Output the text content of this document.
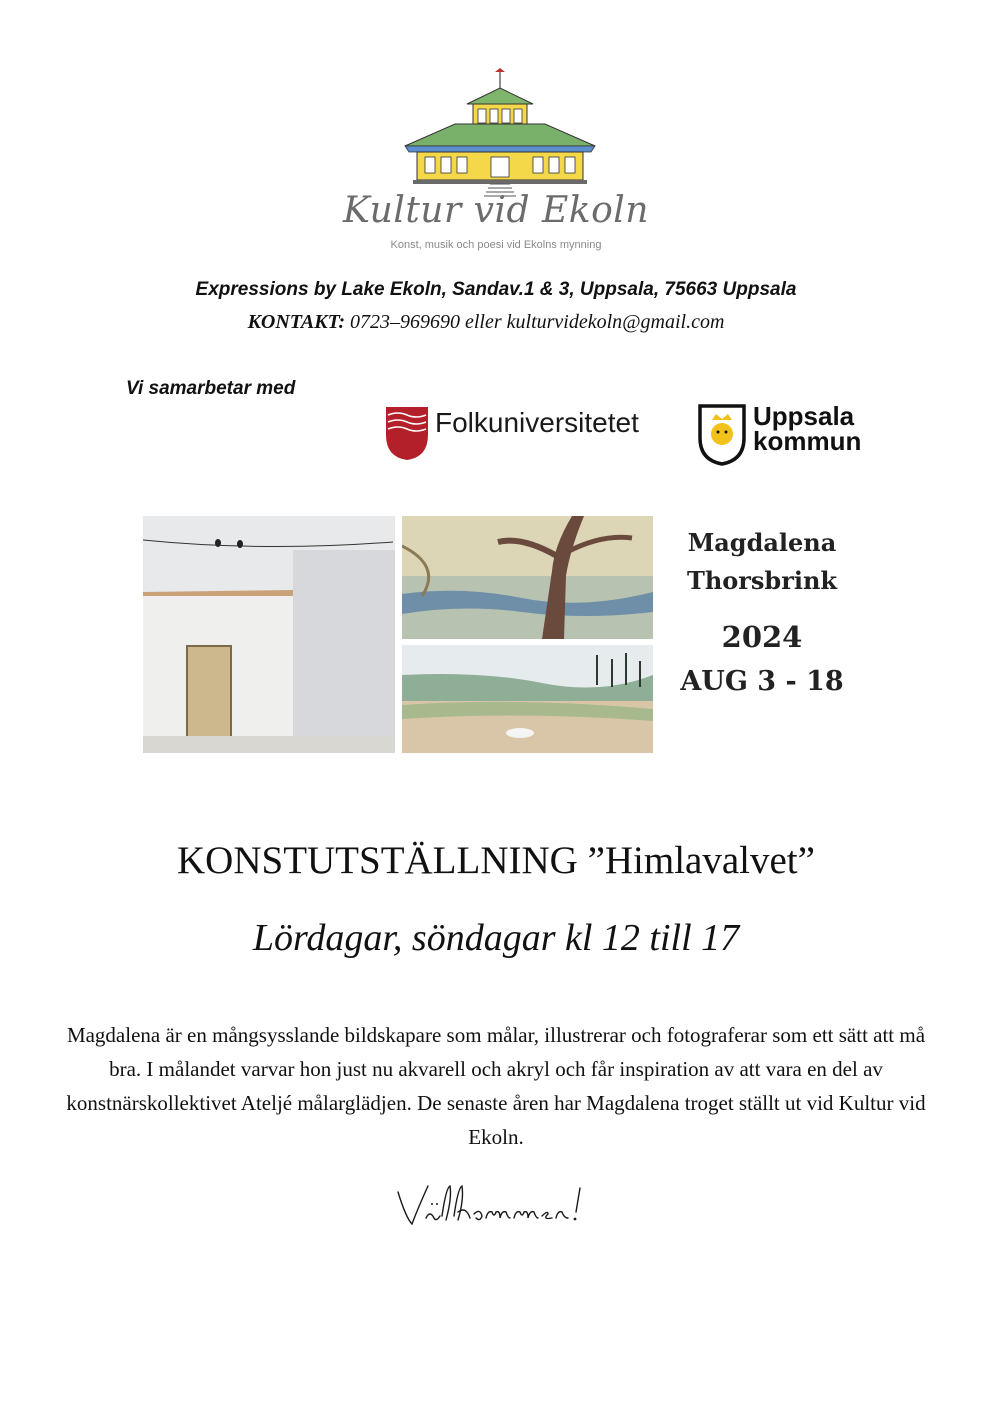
Kultur vid Ekoln
Konst, musik och poesi vid Ekolns mynning
Expressions by Lake Ekoln, Sandav.1 & 3, Uppsala, 75663 Uppsala
KONTAKT: 0723–969690 eller kulturvidekoln@gmail.com
Vi samarbetar med
Folkuniversitetet	Uppsala
kommun
Magdalena
Thorsbrink
2024
AUG 3 - 18
KONSTUTSTÄLLNING ”Himlavalvet”
Lördagar, söndagar kl 12 till 17
Magdalena är en mångsysslande bildskapare som målar, illustrerar och fotograferar som ett sätt att må bra. I målandet varvar hon just nu akvarell och akryl och får inspiration av att vara en del av konstnärskollektivet Ateljé målarglädjen. De senaste åren har Magdalena troget ställt ut vid Kultur vid Ekoln.
